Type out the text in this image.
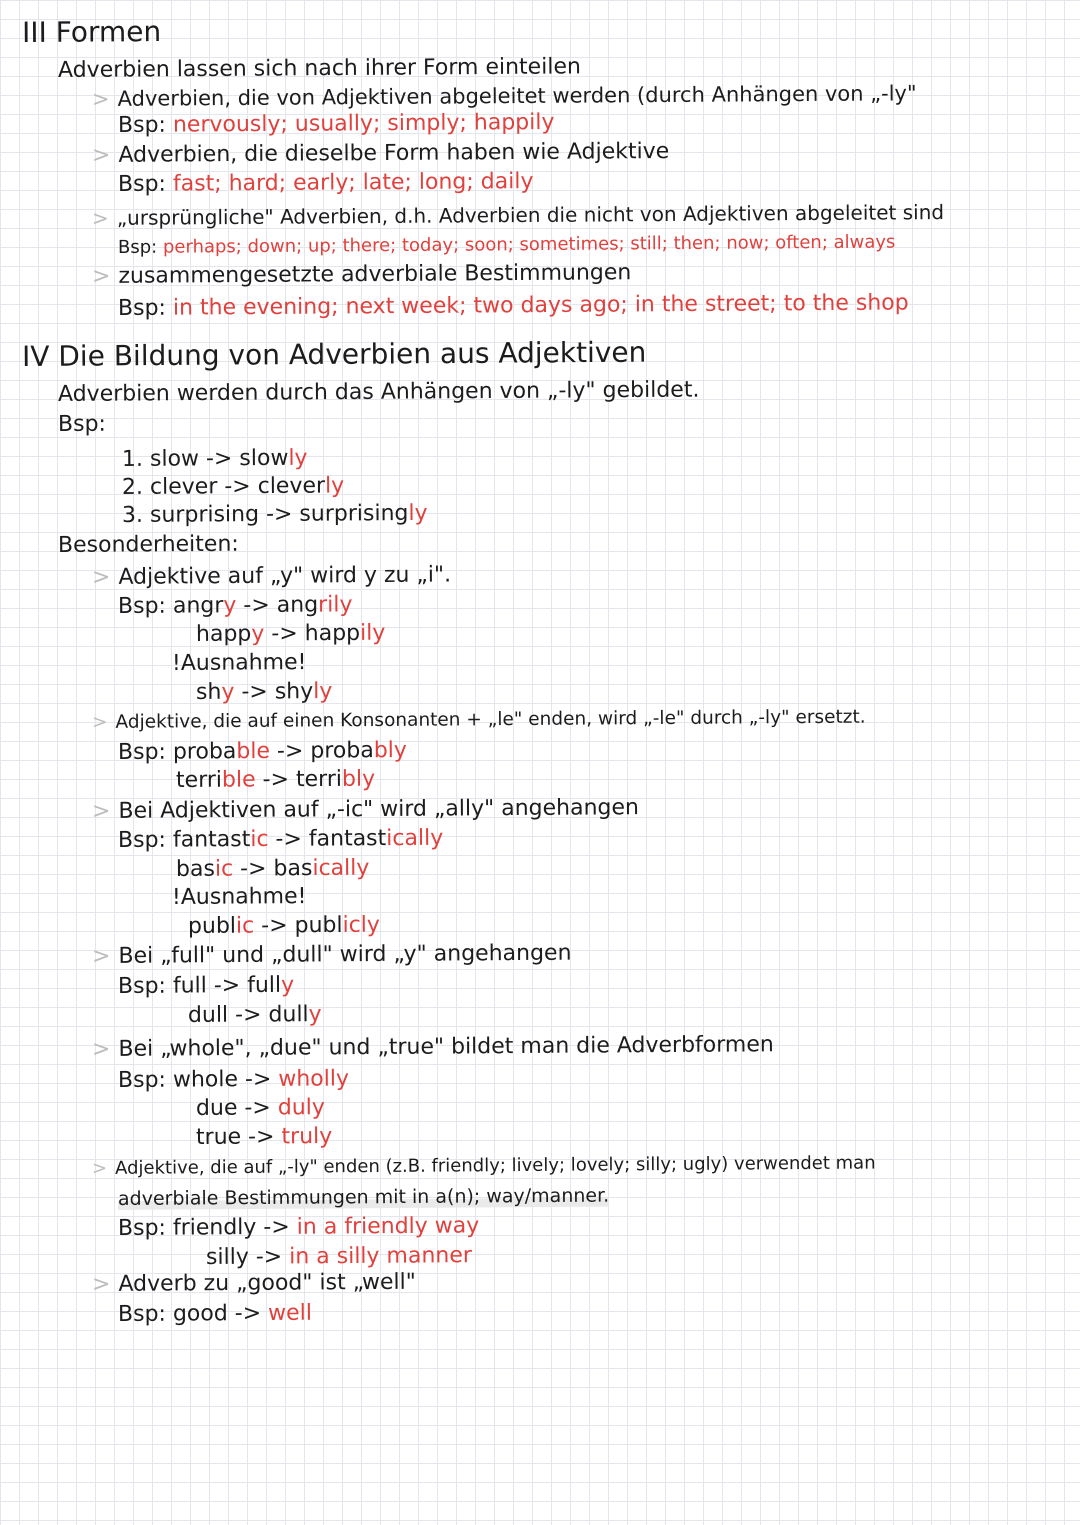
III Formen
Adverbien lassen sich nach ihrer Form einteilen
> Adverbien, die von Adjektiven abgeleitet werden (durch Anhängen von „-ly"
Bsp: nervously; usually; simply; happily
> Adverbien, die dieselbe Form haben wie Adjektive
Bsp: fast; hard; early; late; long; daily
> „ursprüngliche" Adverbien, d.h. Adverbien die nicht von Adjektiven abgeleitet sind
Bsp: perhaps; down; up; there; today; soon; sometimes; still; then; now; often; always
> zusammengesetzte adverbiale Bestimmungen
Bsp: in the evening; next week; two days ago; in the street; to the shop
IV Die Bildung von Adverbien aus Adjektiven
Adverbien werden durch das Anhängen von „-ly" gebildet.
Bsp:
1. slow -> slowly
2. clever -> cleverly
3. surprising -> surprisingly
Besonderheiten:
> Adjektive auf „y" wird y zu „i".
Bsp: angry -> angrily
happy -> happily
!Ausnahme!
shy -> shyly
> Adjektive, die auf einen Konsonanten + „le" enden, wird „-le" durch „-ly" ersetzt.
Bsp: probable -> probably
terrible -> terribly
> Bei Adjektiven auf „-ic" wird „ally" angehangen
Bsp: fantastic -> fantastically
basic -> basically
!Ausnahme!
public -> publicly
> Bei „full" und „dull" wird „y" angehangen
Bsp: full -> fully
dull -> dully
> Bei „whole", „due" und „true" bildet man die Adverbformen
Bsp: whole -> wholly
due -> duly
true -> truly
> Adjektive, die auf „-ly" enden (z.B. friendly; lively; lovely; silly; ugly) verwendet man
adverbiale Bestimmungen mit in a(n); way/manner.
Bsp: friendly -> in a friendly way
silly -> in a silly manner
> Adverb zu „good" ist „well"
Bsp: good -> well
